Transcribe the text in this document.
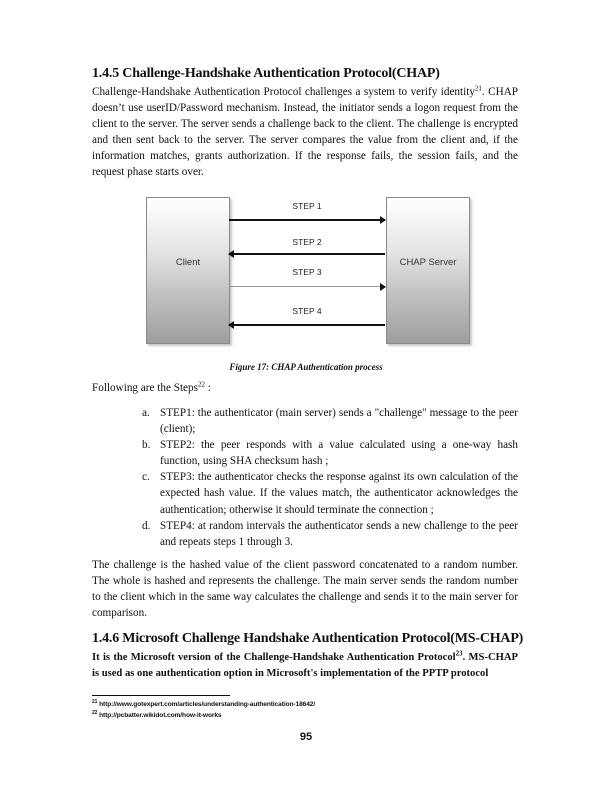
1.4.5 Challenge-Handshake Authentication Protocol(CHAP)

Challenge-Handshake Authentication Protocol challenges a system to verify identity$^{21}$. CHAP doesn’t use userID/Password mechanism. Instead, the initiator sends a logon request from the client to the server. The server sends a challenge back to the client. The challenge is encrypted and then sent back to the server. The server compares the value from the client and, if the information matches, grants authorization. If the response fails, the session fails, and the request phase starts over.

Client	CHAP Server
STEP 1
STEP 2
STEP 3
STEP 4
Figure 17: CHAP Authentication process

Following are the Steps$^{22}$ :

a. STEP1: the authenticator (main server) sends a "challenge" message to the peer (client);
b. STEP2: the peer responds with a value calculated using a one-way hash function, using SHA checksum hash ;
c. STEP3: the authenticator checks the response against its own calculation of the expected hash value. If the values match, the authenticator acknowledges the authentication; otherwise it should terminate the connection ;
d. STEP4: at random intervals the authenticator sends a new challenge to the peer and repeats steps 1 through 3.

The challenge is the hashed value of the client password concatenated to a random number. The whole is hashed and represents the challenge. The main server sends the random number to the client which in the same way calculates the challenge and sends it to the main server for comparison.

1.4.6 Microsoft Challenge Handshake Authentication Protocol(MS-CHAP)

It is the Microsoft version of the Challenge-Handshake Authentication Protocol$^{23}$. MS-CHAP is used as one authentication option in Microsoft's implementation of the PPTP protocol

$^{21}$ http://www.gotexpert.com/articles/understanding-authentication-18642/
$^{22}$ http://pcbatter.wikidot.com/how-it-works
95
